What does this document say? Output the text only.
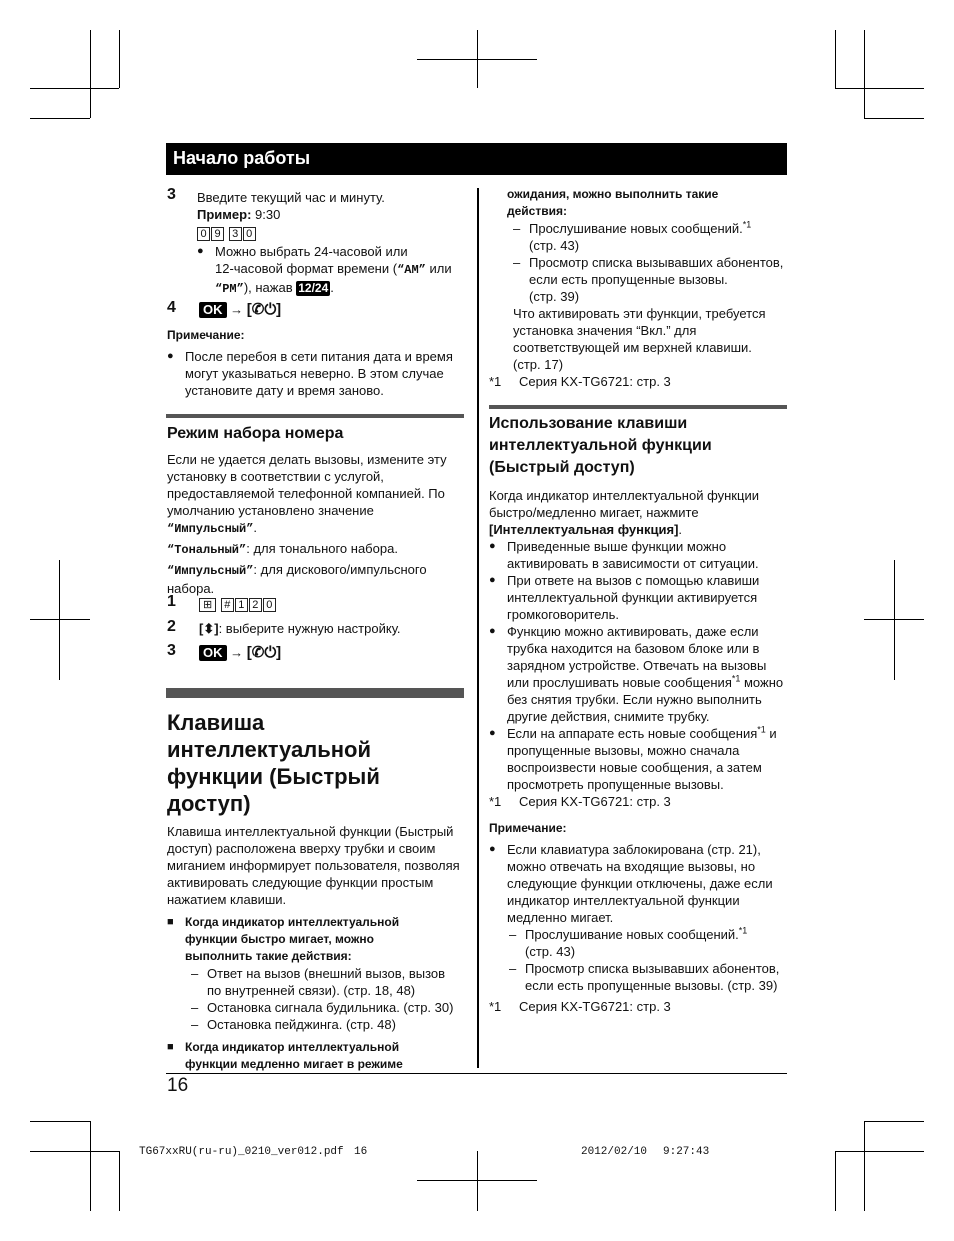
Начало работы
3 Введите текущий час и минуту.

Пример: 9:30

0 9 3 0

● Можно выбрать 24-часовой или
12-часовой формат времени (“AM” или
“PM”), нажав 12/24 .
4	OK → [✆⏻]

Примечание:

● После перебоя в сети питания дата и время
могут указываться неверно. В этом случае
установите дату и время заново.

Режим набора номера

Если не удается делать вызовы, измените эту

установку в соответствии с услугой,

предоставляемой телефонной компанией. По

умолчанию установлено значение

“Импульсный”.

“Тональный”: для тонального набора.

“Импульсный”: для дискового/импульсного

набора.

1	⊞ # 1 2 0
2 [⬍]: выберите нужную настройку.
3	OK → [✆⏻]

Клавиша интеллектуальной

функции (Быстрый доступ)

Клавиша интеллектуальной функции (Быстрый

доступ) расположена вверху трубки и своим

миганием информирует пользователя, позволяя

активировать следующие функции простым

нажатием клавиши.

■ Когда индикатор интеллектуальной
функции быстро мигает, можно
выполнить такие действия:
– Ответ на вызов (внешний вызов, вызов
по внутренней связи). (стр. 18, 48)
– Остановка сигнала будильника. (стр. 30)
– Остановка пейджинга. (стр. 48)
■ Когда индикатор интеллектуальной
функции медленно мигает в режиме
ожидания, можно выполнить такие
действия:
– Прослушивание новых сообщений.$^{*1}$
(стр. 43)
– Просмотр списка вызывавших абонентов,
если есть пропущенные вызовы.
(стр. 39)

Что активировать эти функции, требуется

установка значения “Вкл.” для

соответствующей им верхней клавиши.

(стр. 17)

*1 Серия KX-TG6721: стр. 3

Использование клавиши

интеллектуальной функции

(Быстрый доступ)

Когда индикатор интеллектуальной функции

быстро/медленно мигает, нажмите

[Интеллектуальная функция].

● Приведенные выше функции можно
активировать в зависимости от ситуации.
● При ответе на вызов с помощью клавиши
интеллектуальной функции активируется
громкоговоритель.
● Функцию можно активировать, даже если
трубка находится на базовом блоке или в
зарядном устройстве. Отвечать на вызовы
или прослушивать новые сообщения$^{*1}$ можно
без снятия трубки. Если нужно выполнить
другие действия, снимите трубку.
● Если на аппарате есть новые сообщения$^{*1}$ и
пропущенные вызовы, можно сначала
воспроизвести новые сообщения, а затем
просмотреть пропущенные вызовы.
*1 Серия KX-TG6721: стр. 3

Примечание:

● Если клавиатура заблокирована (стр. 21),
можно отвечать на входящие вызовы, но
следующие функции отключены, даже если
индикатор интеллектуальной функции
медленно мигает.
– Прослушивание новых сообщений.$^{*1}$
(стр. 43)
– Просмотр списка вызывавших абонентов,
если есть пропущенные вызовы. (стр. 39)
*1 Серия KX-TG6721: стр. 3
16
TG67xxRU(ru-ru)_0210_ver012.pdf 16	2012/02/10 9:27:43
